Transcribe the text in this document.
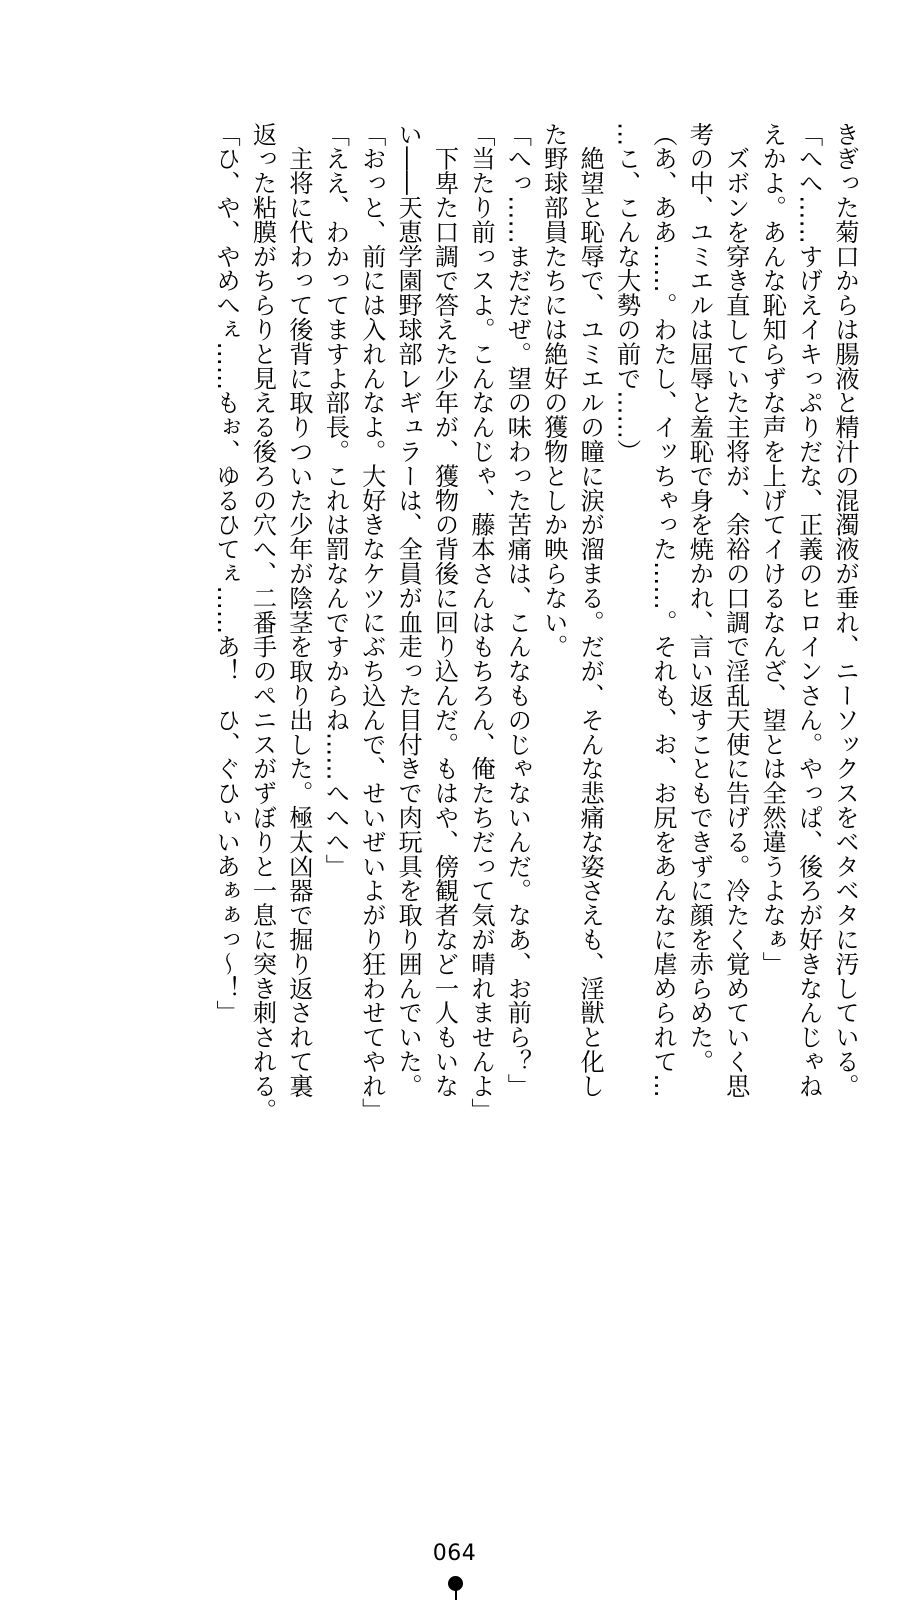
きぎった菊口からは腸液と精汁の混濁液が垂れ、ニーソックスをベタベタに汚している。

「へへ……すげえイキっぷりだな、正義のヒロインさん。やっぱ、後ろが好きなんじゃね

えかよ。あんな恥知らずな声を上げてイけるなんざ、望とは全然違うよなぁ」

　ズボンを穿き直していた主将が、余裕の口調で淫乱天使に告げる。冷たく覚めていく思

考の中、ユミエルは屈辱と羞恥で身を焼かれ、言い返すこともできずに顔を赤らめた。

（あ、ああ……。わたし、イッちゃった……。それも、お、お尻をあんなに虐められて…

…こ、こんな大勢の前で……）

　絶望と恥辱で、ユミエルの瞳に涙が溜まる。だが、そんな悲痛な姿さえも、淫獣と化し

た野球部員たちには絶好の獲物としか映らない。

「へっ……まだだぜ。望の味わった苦痛は、こんなものじゃないんだ。なあ、お前ら？」

「当たり前っスよ。こんなんじゃ、藤本さんはもちろん、俺たちだって気が晴れませんよ」

　下卑た口調で答えた少年が、獲物の背後に回り込んだ。もはや、傍観者など一人もいな

い――天恵学園野球部レギュラーは、全員が血走った目付きで肉玩具を取り囲んでいた。

「おっと、前には入れんなよ。大好きなケツにぶち込んで、せいぜいよがり狂わせてやれ」

「ええ、わかってますよ部長。これは罰なんですからね……へへへ」

　主将に代わって後背に取りついた少年が陰茎を取り出した。極太凶器で掘り返されて裏

返った粘膜がちらりと見える後ろの穴へ、二番手のペニスがずぼりと一息に突き刺される。

「ひ、や、やめへぇ……もぉ、ゆるひてぇ……あ！　ひ、ぐひぃいあぁぁっ～！」

064
